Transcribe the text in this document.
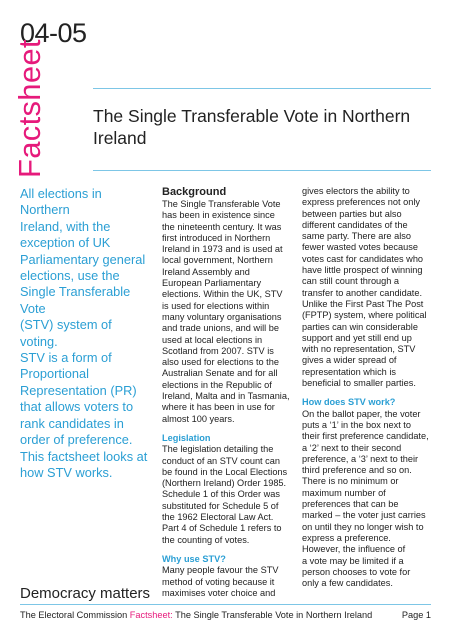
04-05
Factsheet	The Single Transferable Vote in Northern Ireland
All elections in Northern
Ireland, with the
exception of UK
Parliamentary general
elections, use the
Single Transferable Vote
(STV) system of voting.
STV is a form of
Proportional
Representation (PR)
that allows voters to
rank candidates in
order of preference.
This factsheet looks at
how STV works.
Background
The Single Transferable Vote
has been in existence since
the nineteenth century. It was
first introduced in Northern
Ireland in 1973 and is used at
local government, Northern
Ireland Assembly and
European Parliamentary
elections. Within the UK, STV
is used for elections within
many voluntary organisations
and trade unions, and will be
used at local elections in
Scotland from 2007. STV is
also used for elections to the
Australian Senate and for all
elections in the Republic of
Ireland, Malta and in Tasmania,
where it has been in use for
almost 100 years.
Legislation
The legislation detailing the
conduct of an STV count can
be found in the Local Elections
(Northern Ireland) Order 1985.
Schedule 1 of this Order was
substituted for Schedule 5 of
the 1962 Electoral Law Act.
Part 4 of Schedule 1 refers to
the counting of votes.
Why use STV?
Many people favour the STV
method of voting because it
maximises voter choice and
gives electors the ability to
express preferences not only
between parties but also
different candidates of the
same party. There are also
fewer wasted votes because
votes cast for candidates who
have little prospect of winning
can still count through a
transfer to another candidate.
Unlike the First Past The Post
(FPTP) system, where political
parties can win considerable
support and yet still end up
with no representation, STV
gives a wider spread of
representation which is
beneficial to smaller parties.
How does STV work?
On the ballot paper, the voter
puts a ‘1’ in the box next to
their first preference candidate,
a ‘2’ next to their second
preference, a ‘3’ next to their
third preference and so on.
There is no minimum or
maximum number of
preferences that can be
marked – the voter just carries
on until they no longer wish to
express a preference.
However, the influence of
a vote may be limited if a
person chooses to vote for
only a few candidates.
Democracy matters
The Electoral Commission Factsheet: The Single Transferable Vote in Northern Ireland	Page 1
